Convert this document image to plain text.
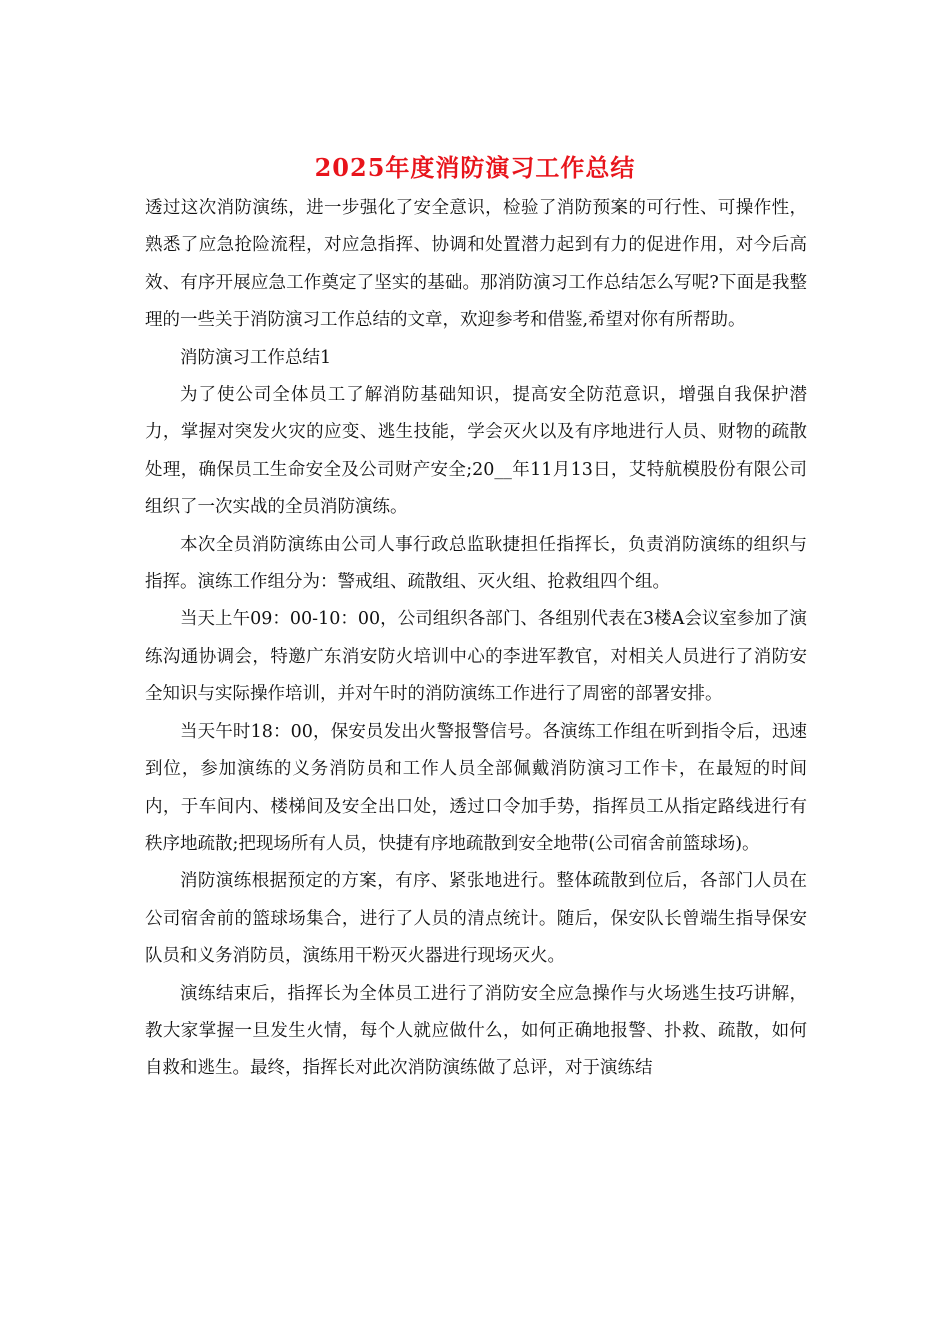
2025年度消防演习工作总结

透过这次消防演练，进一步强化了安全意识，检验了消防预案的可行性、可操作性，熟悉了应急抢险流程，对应急指挥、协调和处置潜力起到有力的促进作用，对今后高效、有序开展应急工作奠定了坚实的基础。那消防演习工作总结怎么写呢?下面是我整理的一些关于消防演习工作总结的文章，欢迎参考和借鉴,希望对你有所帮助。

消防演习工作总结1

为了使公司全体员工了解消防基础知识，提高安全防范意识，增强自我保护潜力，掌握对突发火灾的应变、逃生技能，学会灭火以及有序地进行人员、财物的疏散处理，确保员工生命安全及公司财产安全;20__年11月13日，艾特航模股份有限公司组织了一次实战的全员消防演练。

本次全员消防演练由公司人事行政总监耿捷担任指挥长，负责消防演练的组织与指挥。演练工作组分为：警戒组、疏散组、灭火组、抢救组四个组。

当天上午09：00-10：00，公司组织各部门、各组别代表在3楼A会议室参加了演练沟通协调会，特邀广东消安防火培训中心的李进军教官，对相关人员进行了消防安全知识与实际操作培训，并对午时的消防演练工作进行了周密的部署安排。

当天午时18：00，保安员发出火警报警信号。各演练工作组在听到指令后，迅速到位，参加演练的义务消防员和工作人员全部佩戴消防演习工作卡，在最短的时间内，于车间内、楼梯间及安全出口处，透过口令加手势，指挥员工从指定路线进行有秩序地疏散;把现场所有人员，快捷有序地疏散到安全地带(公司宿舍前篮球场)。

消防演练根据预定的方案，有序、紧张地进行。整体疏散到位后，各部门人员在公司宿舍前的篮球场集合，进行了人员的清点统计。随后，保安队长曾端生指导保安队员和义务消防员，演练用干粉灭火器进行现场灭火。

演练结束后，指挥长为全体员工进行了消防安全应急操作与火场逃生技巧讲解，教大家掌握一旦发生火情，每个人就应做什么，如何正确地报警、扑救、疏散，如何自救和逃生。最终，指挥长对此次消防演练做了总评，对于演练结
